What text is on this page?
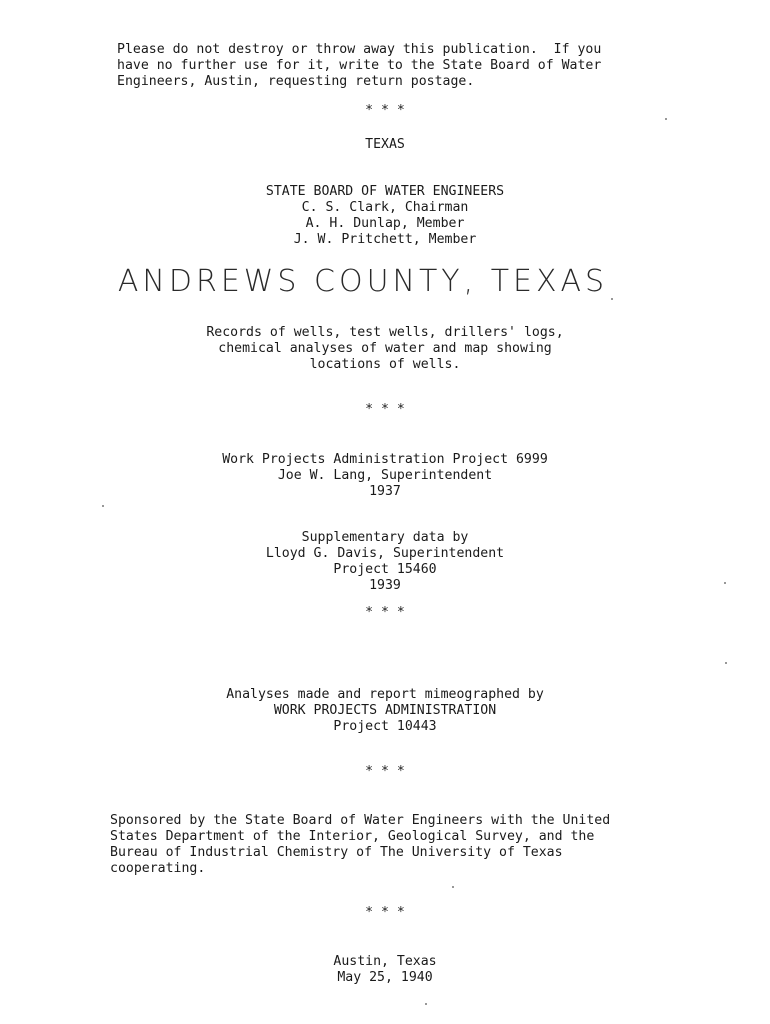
Please do not destroy or throw away this publication.  If you
have no further use for it, write to the State Board of Water
Engineers, Austin, requesting return postage.
* * *
TEXAS
STATE BOARD OF WATER ENGINEERS
C. S. Clark, Chairman
A. H. Dunlap, Member
J. W. Pritchett, Member
ANDREWS COUNTY, TEXAS
Records of wells, test wells, drillers' logs,
chemical analyses of water and map showing
locations of wells.
* * *
Work Projects Administration Project 6999
Joe W. Lang, Superintendent
1937
Supplementary data by
Lloyd G. Davis, Superintendent
Project 15460
1939
* * *
Analyses made and report mimeographed by
WORK PROJECTS ADMINISTRATION
Project 10443
* * *
Sponsored by the State Board of Water Engineers with the United
States Department of the Interior, Geological Survey, and the
Bureau of Industrial Chemistry of The University of Texas
cooperating.
* * *
Austin, Texas
May 25, 1940
